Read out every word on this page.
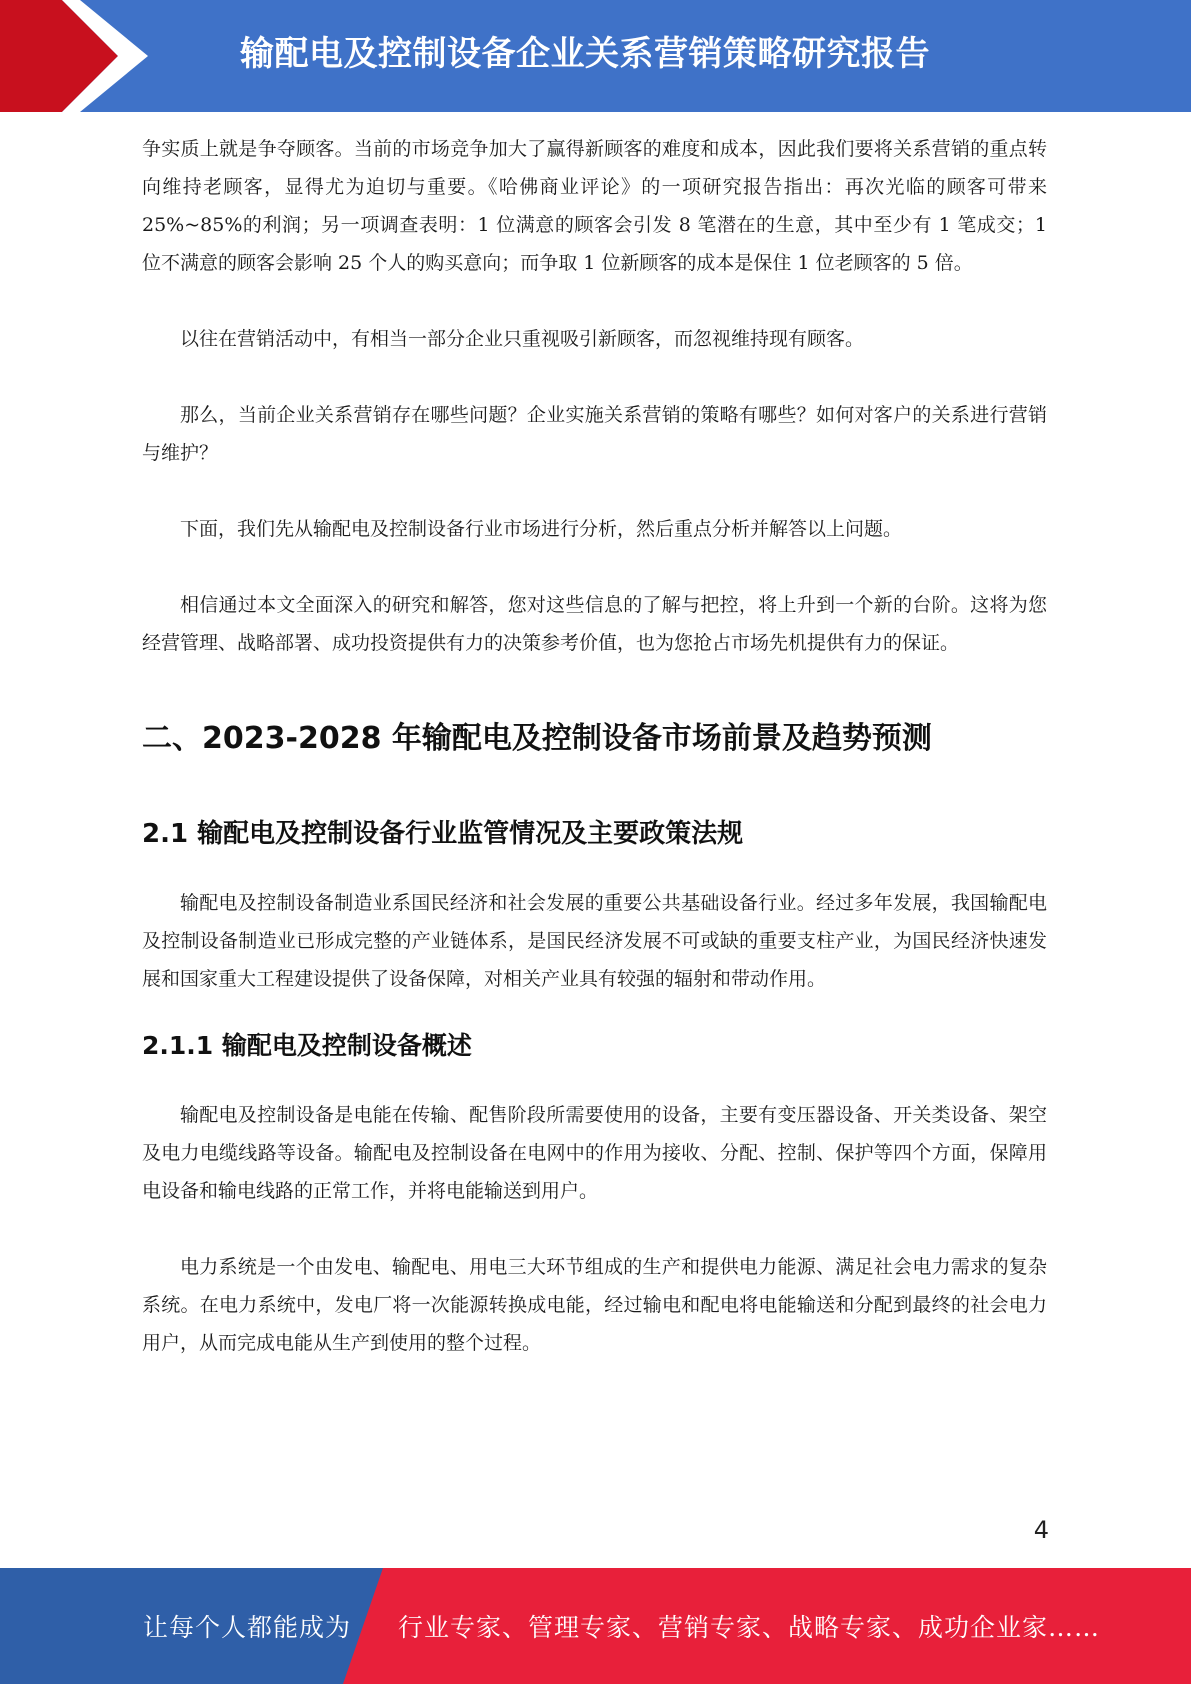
输配电及控制设备企业关系营销策略研究报告

争实质上就是争夺顾客。当前的市场竞争加大了赢得新顾客的难度和成本，因此我们要将关系营销的重点转向维持老顾客，显得尤为迫切与重要。《哈佛商业评论》的一项研究报告指出：再次光临的顾客可带来 25%~85%的利润；另一项调查表明：1 位满意的顾客会引发 8 笔潜在的生意，其中至少有 1 笔成交；1 位不满意的顾客会影响 25 个人的购买意向；而争取 1 位新顾客的成本是保住 1 位老顾客的 5 倍。

以往在营销活动中，有相当一部分企业只重视吸引新顾客，而忽视维持现有顾客。

那么，当前企业关系营销存在哪些问题？企业实施关系营销的策略有哪些？如何对客户的关系进行营销与维护？

下面，我们先从输配电及控制设备行业市场进行分析，然后重点分析并解答以上问题。

相信通过本文全面深入的研究和解答，您对这些信息的了解与把控，将上升到一个新的台阶。这将为您经营管理、战略部署、成功投资提供有力的决策参考价值，也为您抢占市场先机提供有力的保证。

二、2023-2028 年输配电及控制设备市场前景及趋势预测
2.1 输配电及控制设备行业监管情况及主要政策法规

输配电及控制设备制造业系国民经济和社会发展的重要公共基础设备行业。经过多年发展，我国输配电及控制设备制造业已形成完整的产业链体系，是国民经济发展不可或缺的重要支柱产业，为国民经济快速发展和国家重大工程建设提供了设备保障，对相关产业具有较强的辐射和带动作用。

2.1.1 输配电及控制设备概述

输配电及控制设备是电能在传输、配售阶段所需要使用的设备，主要有变压器设备、开关类设备、架空及电力电缆线路等设备。输配电及控制设备在电网中的作用为接收、分配、控制、保护等四个方面，保障用电设备和输电线路的正常工作，并将电能输送到用户。

电力系统是一个由发电、输配电、用电三大环节组成的生产和提供电力能源、满足社会电力需求的复杂系统。在电力系统中，发电厂将一次能源转换成电能，经过输电和配电将电能输送和分配到最终的社会电力用户，从而完成电能从生产到使用的整个过程。

4
让每个人都能成为 行业专家、管理专家、营销专家、战略专家、成功企业家……
